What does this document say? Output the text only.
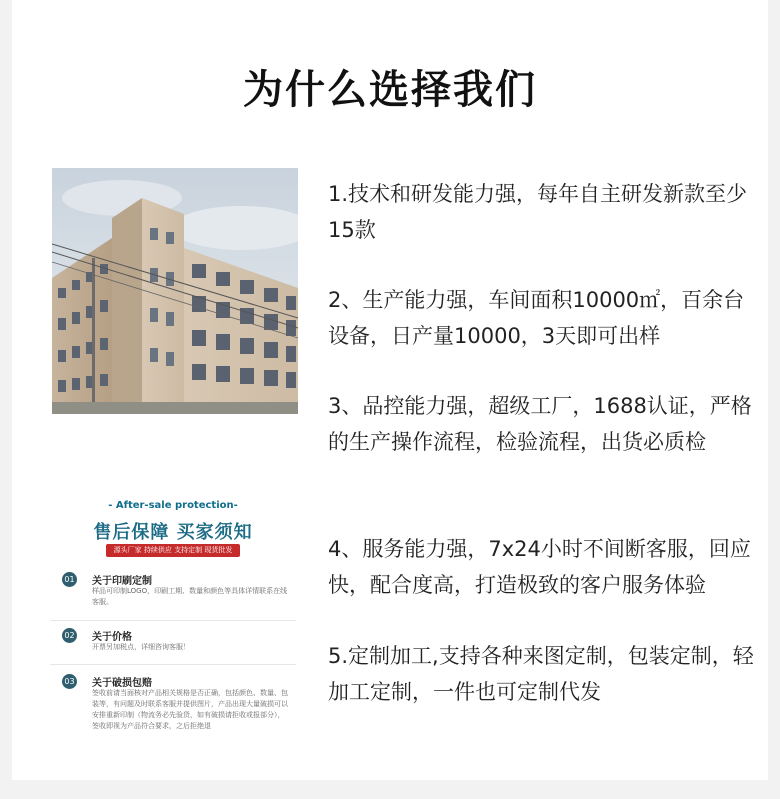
为什么选择我们
- After-sale protection-
售后保障 买家须知
源头厂家 持续供应 支持定制 现货批发
01 关于印刷定制
样品可印制LOGO，印刷工期、数量和颜色等具体详情联系在线客服。
02 关于价格
开票另加税点，详细咨询客服！
03 关于破损包赔
签收前请当面核对产品相关规格是否正确，包括颜色、数量、包装等，有问题及时联系客服并提供图片，产品出现大量破损可以安排重新印制（物流务必先验货，如有破损请拒收或报部分），签收即视为产品符合要求，之后拒绝退

1.技术和研发能力强，每年自主研发新款至少15款

2、生产能力强，车间面积10000㎡，百余台设备，日产量10000，3天即可出样

3、品控能力强，超级工厂，1688认证，严格的生产操作流程，检验流程，出货必质检

4、服务能力强，7x24小时不间断客服，回应快，配合度高，打造极致的客户服务体验

5.定制加工,支持各种来图定制，包装定制，轻加工定制，一件也可定制代发
